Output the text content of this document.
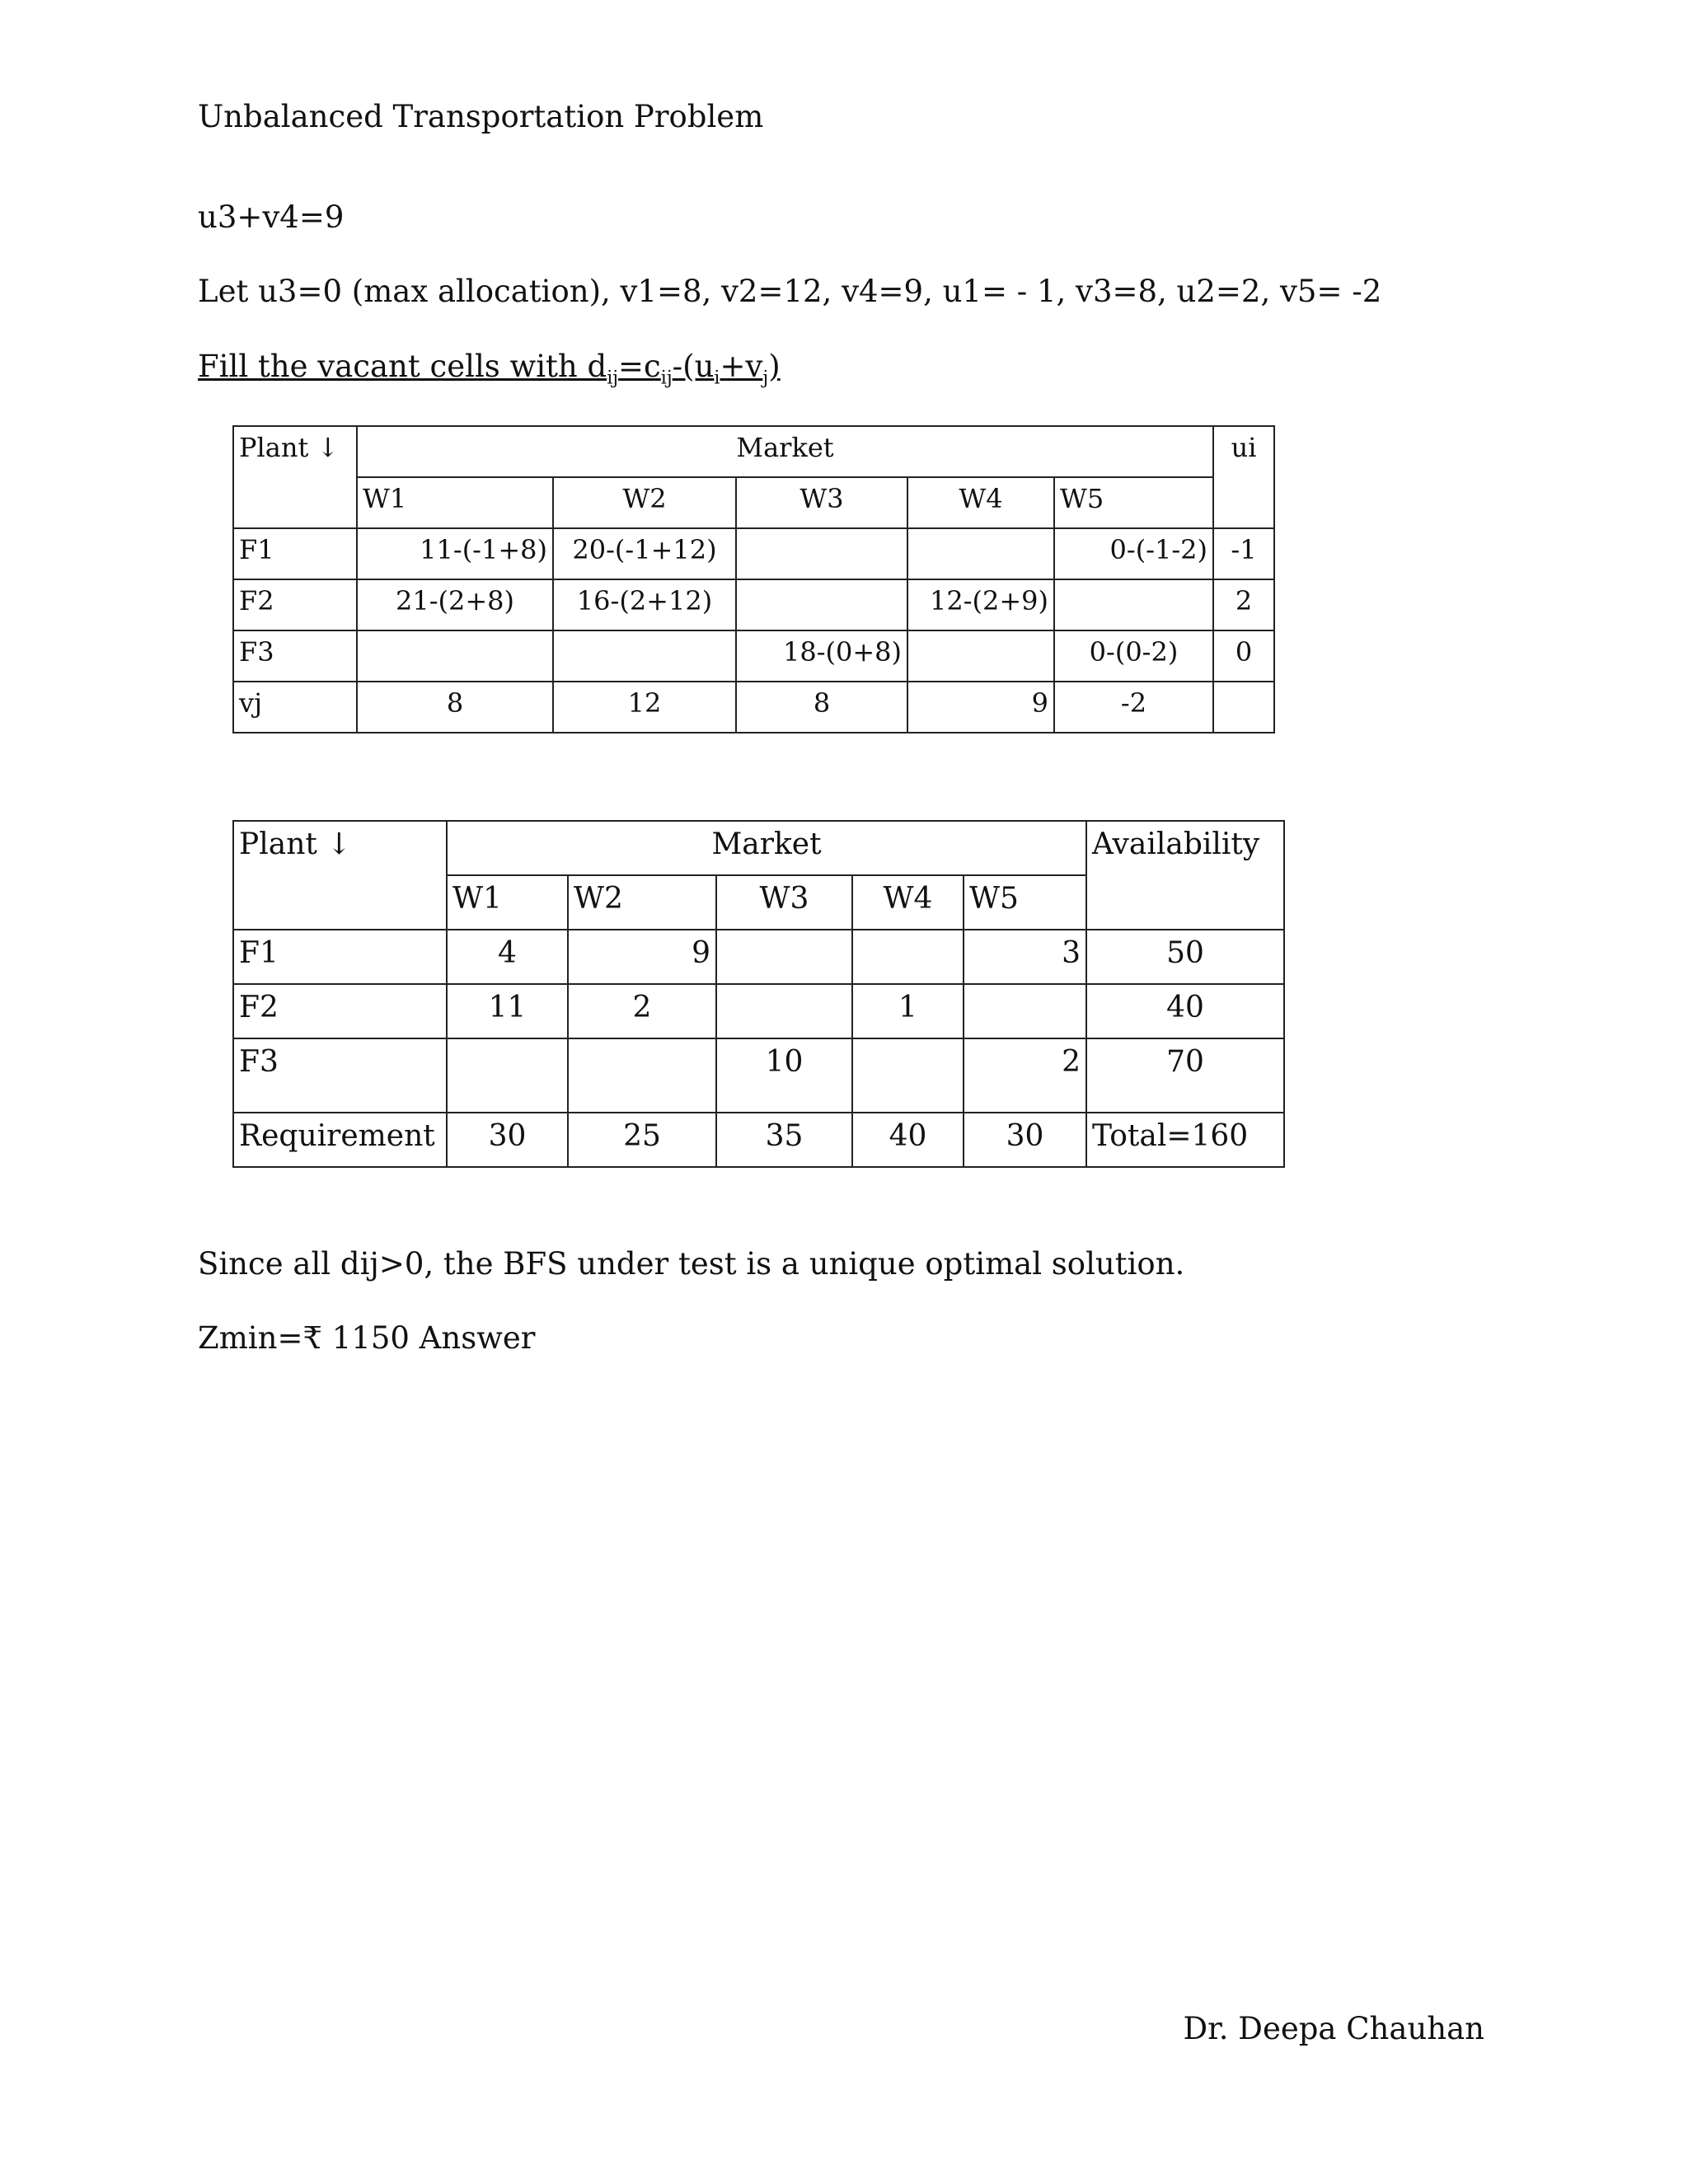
Unbalanced Transportation Problem
u3+v4=9
Let u3=0 (max allocation), v1=8, v2=12, v4=9, u1= - 1, v3=8, u2=2, v5= -2
Fill the vacant cells with $d_{ij}=c_{ij}-(u_i+v_j)$
Plant ↓	Market					ui
	W1	W2	W3	W4	W5	
F1	11-(-1+8)	20-(-1+12)			0-(-1-2)	-1
F2	21-(2+8)	16-(2+12)		12-(2+9)		2
F3			18-(0+8)		0-(0-2)	0
vj	8	12	8	9	-2	
Plant ↓	Market					Availability
	W1	W2	W3	W4	W5	
F1	4	9			3	50
F2	11	2		1		40
F3			10		2	70
Requirement	30	25	35	40	30	Total=160
Since all dij>0, the BFS under test is a unique optimal solution.
Zmin=₹ 1150 Answer
Dr. Deepa Chauhan
